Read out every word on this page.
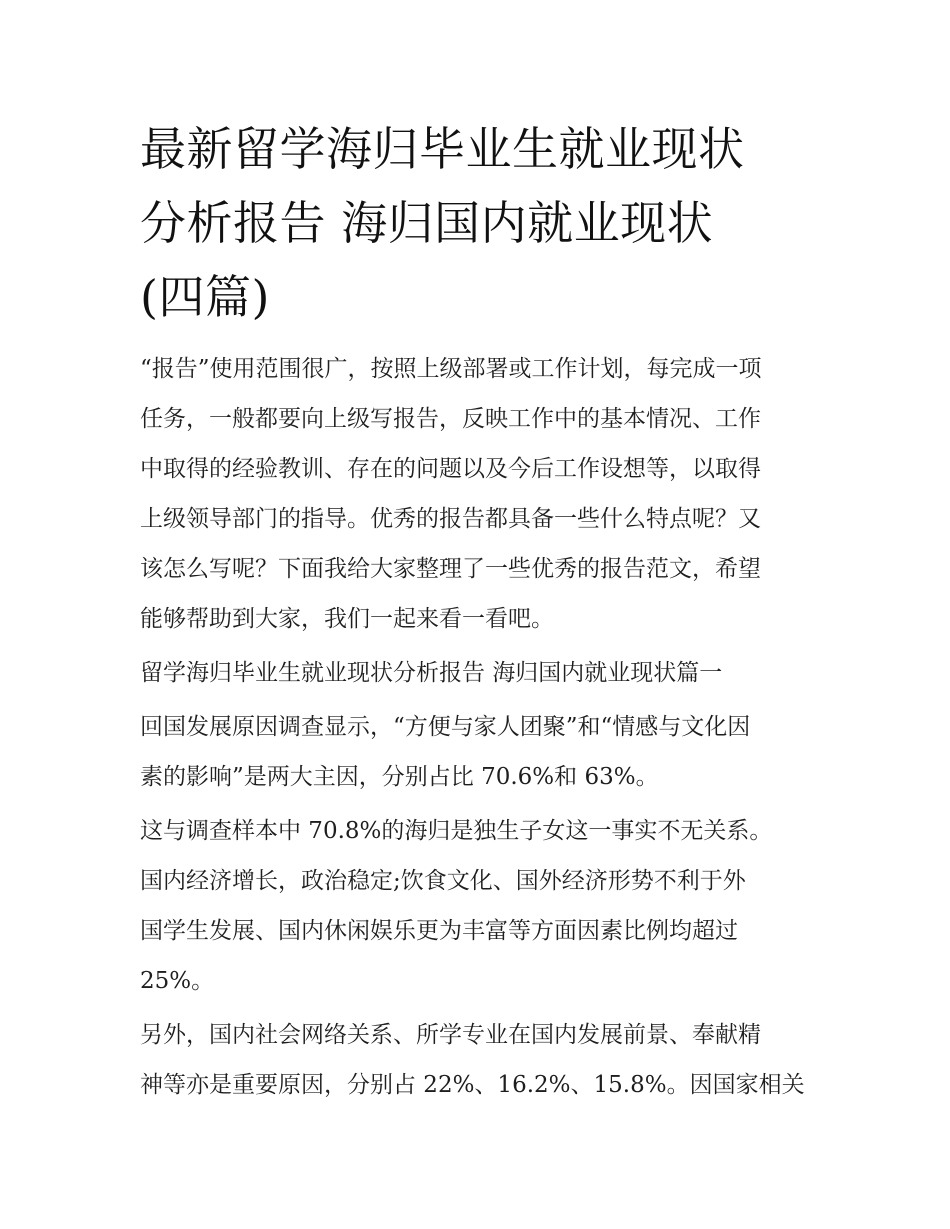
最新留学海归毕业生就业现状
分析报告 海归国内就业现状
(四篇)
“报告”使用范围很广，按照上级部署或工作计划，每完成一项
任务，一般都要向上级写报告，反映工作中的基本情况、工作
中取得的经验教训、存在的问题以及今后工作设想等，以取得
上级领导部门的指导。优秀的报告都具备一些什么特点呢？又
该怎么写呢？下面我给大家整理了一些优秀的报告范文，希望
能够帮助到大家，我们一起来看一看吧。
留学海归毕业生就业现状分析报告 海归国内就业现状篇一
回国发展原因调查显示，“方便与家人团聚”和“情感与文化因
素的影响”是两大主因，分别占比 70.6%和 63%。
这与调查样本中 70.8%的海归是独生子女这一事实不无关系。
国内经济增长，政治稳定;饮食文化、国外经济形势不利于外
国学生发展、国内休闲娱乐更为丰富等方面因素比例均超过
25%。
另外，国内社会网络关系、所学专业在国内发展前景、奉献精
神等亦是重要原因，分别占 22%、16.2%、15.8%。因国家相关
